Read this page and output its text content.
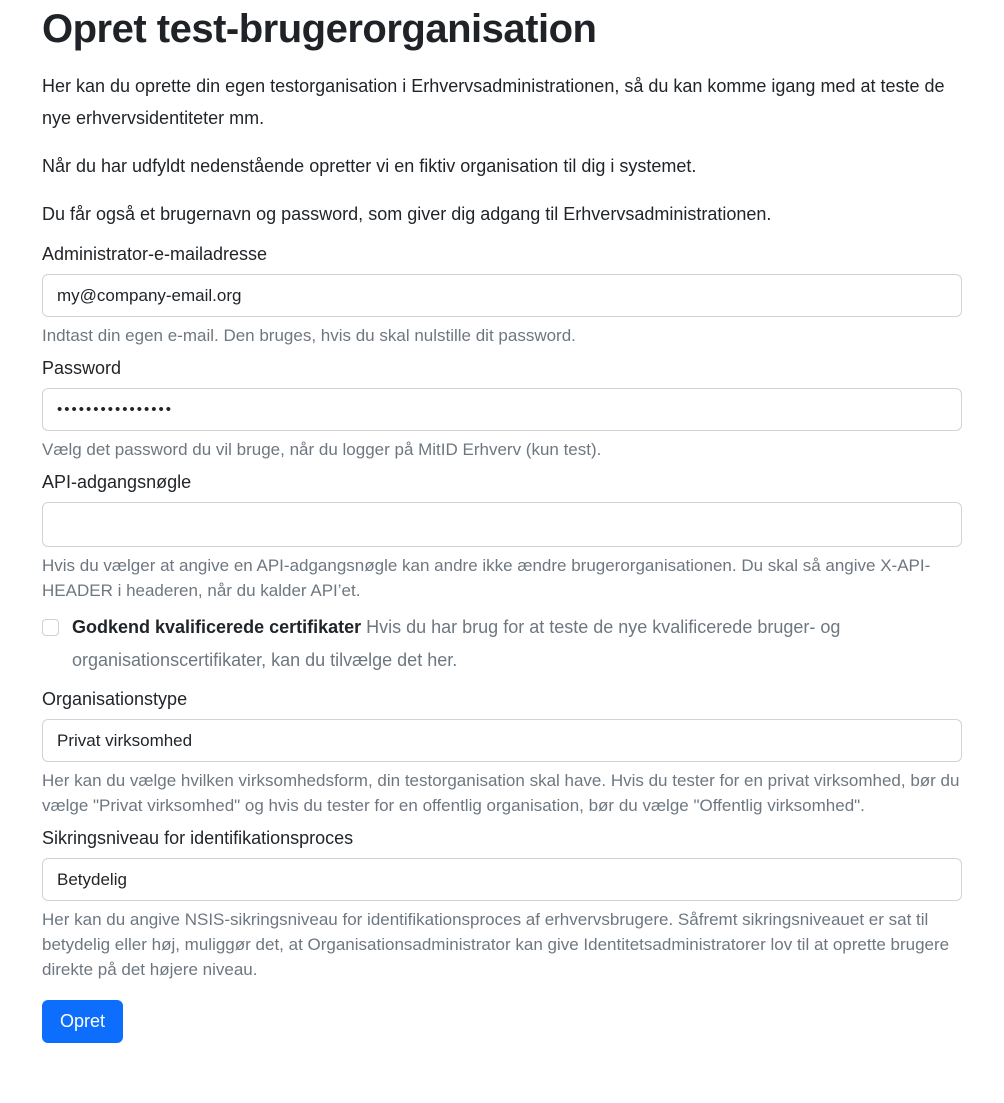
Opret test-brugerorganisation

Her kan du oprette din egen testorganisation i Erhvervsadministrationen, så du kan komme igang med at teste de nye erhvervsidentiteter mm.

Når du har udfyldt nedenstående opretter vi en fiktiv organisation til dig i systemet.

Du får også et brugernavn og password, som giver dig adgang til Erhvervsadministrationen.

Administrator-e-mailadresse
my@company-email.org
Indtast din egen e-mail. Den bruges, hvis du skal nulstille dit password.
Password
Vælg det password du vil bruge, når du logger på MitID Erhverv (kun test).
API-adgangsnøgle
Hvis du vælger at angive en API-adgangsnøgle kan andre ikke ændre brugerorganisationen. Du skal så angive X-API-HEADER i headeren, når du kalder API’et.
Godkend kvalificerede certifikater Hvis du har brug for at teste de nye kvalificerede bruger- og organisationscertifikater, kan du tilvælge det her.
Organisationstype
Privat virksomhed
Her kan du vælge hvilken virksomhedsform, din testorganisation skal have. Hvis du tester for en privat virksomhed, bør du vælge "Privat virksomhed" og hvis du tester for en offentlig organisation, bør du vælge "Offentlig virksomhed".
Sikringsniveau for identifikationsproces
Betydelig
Her kan du angive NSIS-sikringsniveau for identifikationsproces af erhvervsbrugere. Såfremt sikringsniveauet er sat til betydelig eller høj, muliggør det, at Organisationsadministrator kan give Identitetsadministratorer lov til at oprette brugere direkte på det højere niveau.
Opret
